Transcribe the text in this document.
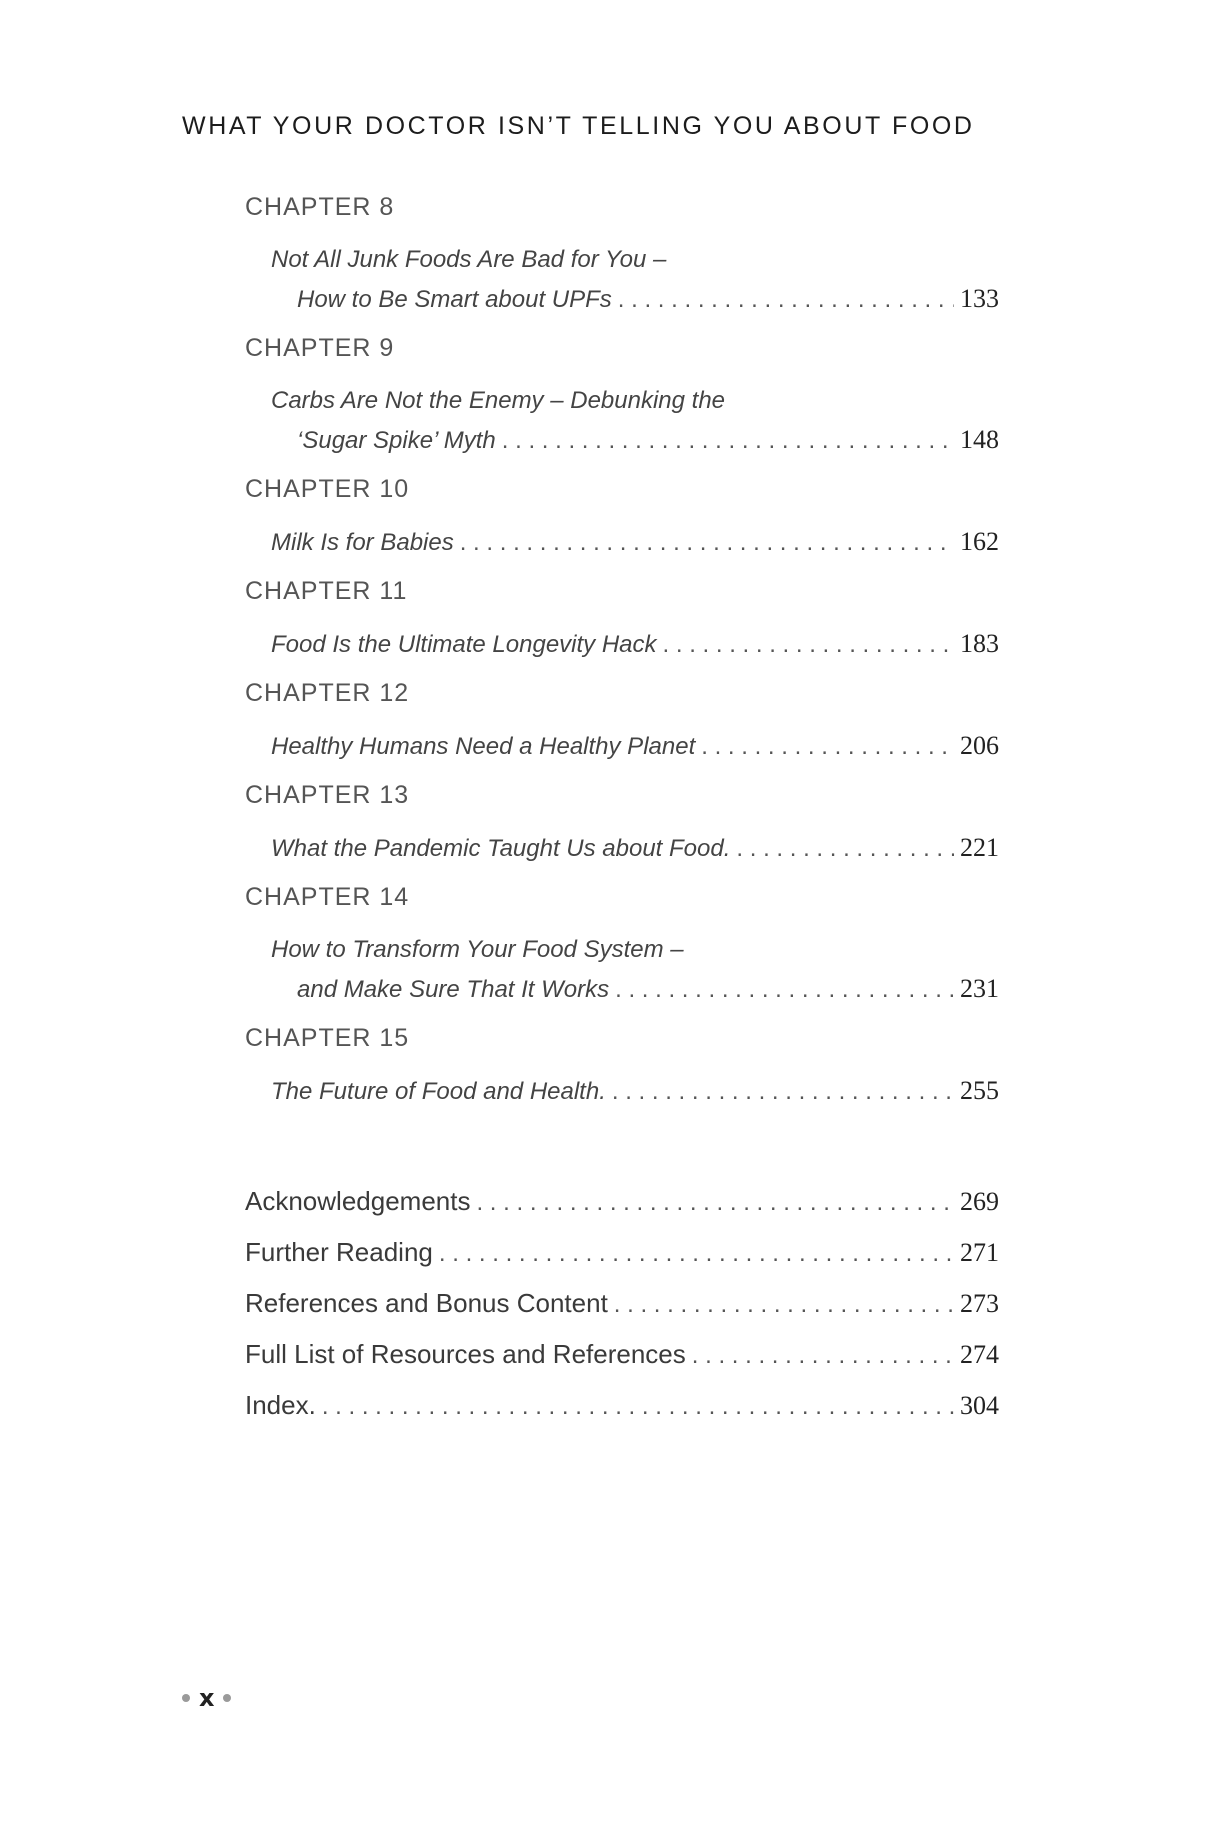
WHAT YOUR DOCTOR ISN’T TELLING YOU ABOUT FOOD
CHAPTER 8
Not All Junk Foods Are Bad for You –
How to Be Smart about UPFs . . .	133
CHAPTER 9
Carbs Are Not the Enemy – Debunking the
‘Sugar Spike’ Myth . . .	148
CHAPTER 10
Milk Is for Babies . . .	162
CHAPTER 11
Food Is the Ultimate Longevity Hack . . .	183
CHAPTER 12
Healthy Humans Need a Healthy Planet . . .	206
CHAPTER 13
What the Pandemic Taught Us about Food. . . .	221
CHAPTER 14
How to Transform Your Food System –
and Make Sure That It Works . . .	231
CHAPTER 15
The Future of Food and Health. . . .	255
Acknowledgements . . .	269
Further Reading . . .	271
References and Bonus Content . . .	273
Full List of Resources and References . . .	274
Index. . . .	304
x
